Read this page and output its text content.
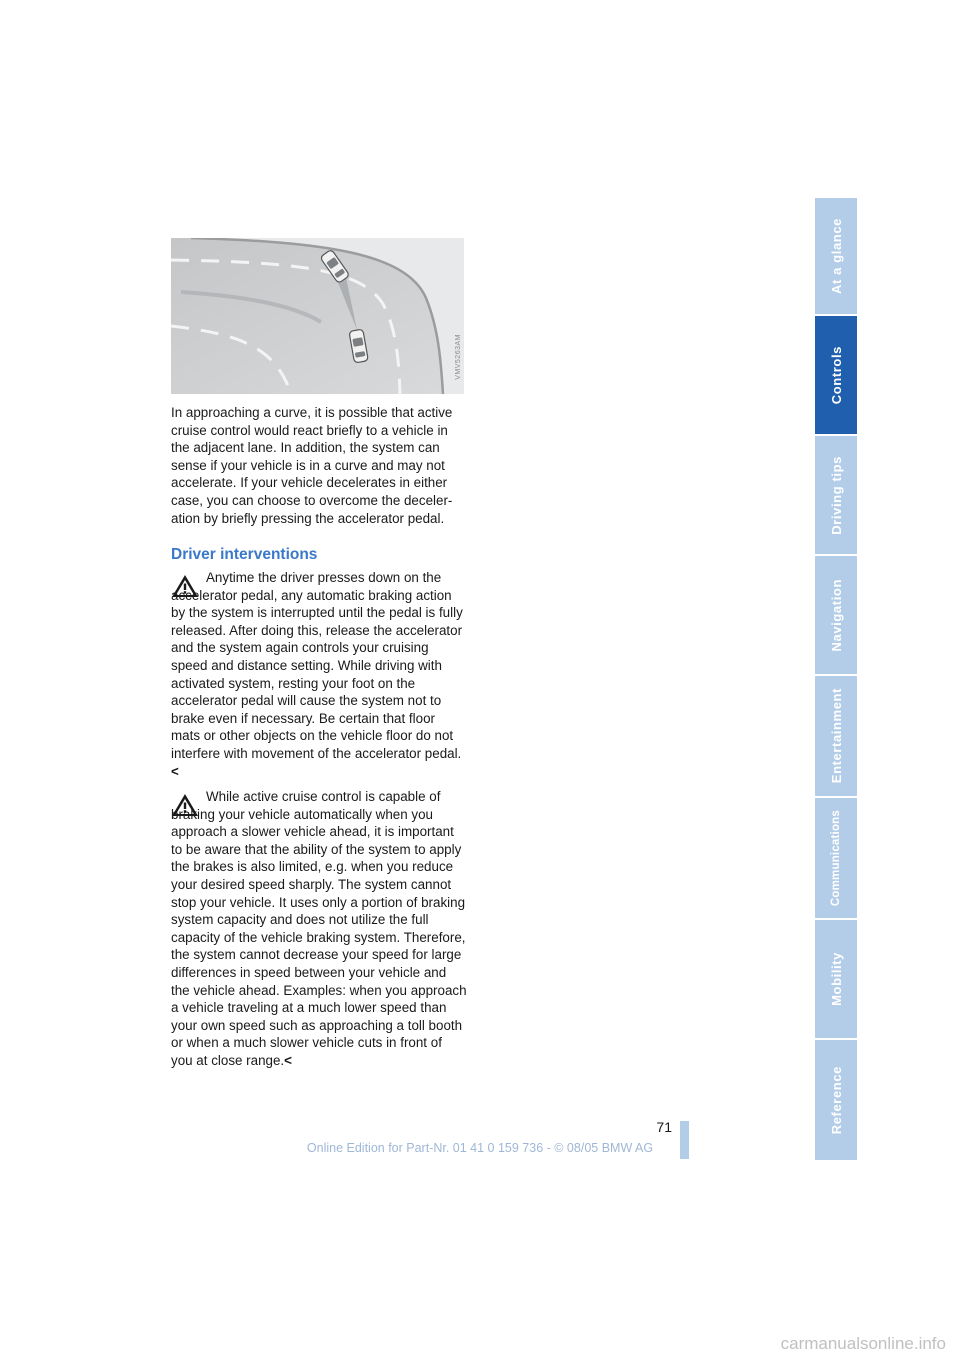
VMV5263AM

In approaching a curve, it is possible that active cruise control would react briefly to a vehicle in the adjacent lane. In addition, the system can sense if your vehicle is in a curve and may not accelerate. If your vehicle decelerates in either case, you can choose to overcome the deceleration by briefly pressing the accelerator pedal.

Driver interventions

Anytime the driver presses down on the accelerator pedal, any automatic braking action by the system is interrupted until the pedal is fully released. After doing this, release the accelerator and the system again controls your cruising speed and distance setting. While driving with activated system, resting your foot on the accelerator pedal will cause the system not to brake even if necessary. Be certain that floor mats or other objects on the vehicle floor do not interfere with movement of the accelerator pedal.<

While active cruise control is capable of braking your vehicle automatically when you approach a slower vehicle ahead, it is important to be aware that the ability of the system to apply the brakes is also limited, e.g. when you reduce your desired speed sharply. The system cannot stop your vehicle. It uses only a portion of braking system capacity and does not utilize the full capacity of the vehicle braking system. Therefore, the system cannot decrease your speed for large differences in speed between your vehicle and the vehicle ahead. Examples: when you approach a vehicle traveling at a much lower speed than your own speed such as approaching a toll booth or when a much slower vehicle cuts in front of you at close range.<

At a glance
Controls
Driving tips
Navigation
Entertainment
Communications
Mobility
Reference
71
Online Edition for Part-Nr. 01 41 0 159 736 - © 08/05 BMW AG
carmanualsonline.info
